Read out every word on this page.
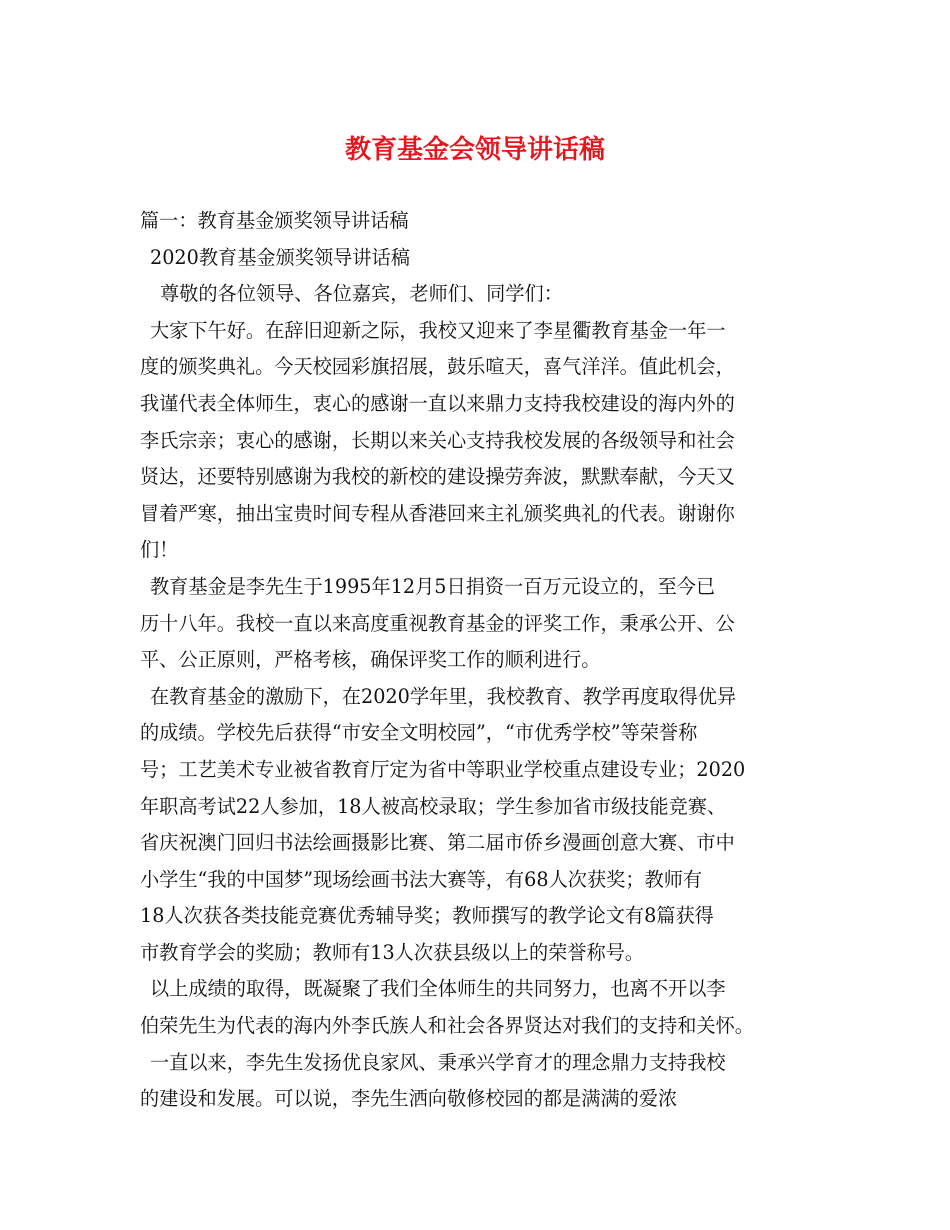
教育基金会领导讲话稿
篇一：教育基金颁奖领导讲话稿
2020教育基金颁奖领导讲话稿
尊敬的各位领导、各位嘉宾，老师们、同学们：
大家下午好。在辞旧迎新之际，我校又迎来了李星衢教育基金一年一
度的颁奖典礼。今天校园彩旗招展，鼓乐喧天，喜气洋洋。值此机会，
我谨代表全体师生，衷心的感谢一直以来鼎力支持我校建设的海内外的
李氏宗亲；衷心的感谢，长期以来关心支持我校发展的各级领导和社会
贤达，还要特别感谢为我校的新校的建设操劳奔波，默默奉献，今天又
冒着严寒，抽出宝贵时间专程从香港回来主礼颁奖典礼的代表。谢谢你
们！
教育基金是李先生于1995年12月5日捐资一百万元设立的，至今已
历十八年。我校一直以来高度重视教育基金的评奖工作，秉承公开、公
平、公正原则，严格考核，确保评奖工作的顺利进行。
在教育基金的激励下，在2020学年里，我校教育、教学再度取得优异
的成绩。学校先后获得“市安全文明校园”，“市优秀学校”等荣誉称
号；工艺美术专业被省教育厅定为省中等职业学校重点建设专业；2020
年职高考试22人参加，18人被高校录取；学生参加省市级技能竞赛、
省庆祝澳门回归书法绘画摄影比赛、第二届市侨乡漫画创意大赛、市中
小学生“我的中国梦”现场绘画书法大赛等，有68人次获奖；教师有
18人次获各类技能竞赛优秀辅导奖；教师撰写的教学论文有8篇获得
市教育学会的奖励；教师有13人次获县级以上的荣誉称号。
以上成绩的取得，既凝聚了我们全体师生的共同努力，也离不开以李
伯荣先生为代表的海内外李氏族人和社会各界贤达对我们的支持和关怀。
一直以来，李先生发扬优良家风、秉承兴学育才的理念鼎力支持我校
的建设和发展。可以说，李先生洒向敬修校园的都是满满的爱浓
